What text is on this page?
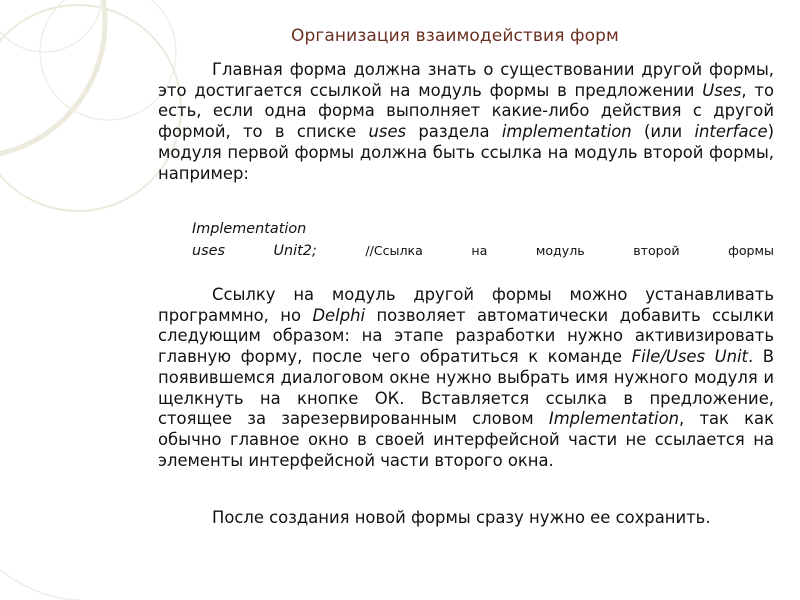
Организация взаимодействия форм
Главная форма должна знать о существовании другой формы, это достигается ссылкой на модуль формы в предложении Uses, то есть, если одна форма выполняет какие-либо действия с другой формой, то в списке uses раздела implementation (или interface) модуля первой формы должна быть ссылка на модуль второй формы, например:
Implementation
uses	Unit2;	//Ссылка	на	модуль	второй	формы
Ссылку на модуль другой формы можно устанавливать программно, но Delphi позволяет автоматически добавить ссылки следующим образом: на этапе разработки нужно активизировать главную форму, после чего обратиться к команде File/Uses Unit. В появившемся диалоговом окне нужно выбрать имя нужного модуля и щелкнуть на кнопке ОК. Вставляется ссылка в предложение, стоящее за зарезервированным словом Implementation, так как обычно главное окно в своей интерфейсной части не ссылается на элементы интерфейсной части второго окна.
После создания новой формы сразу нужно ее сохранить.
